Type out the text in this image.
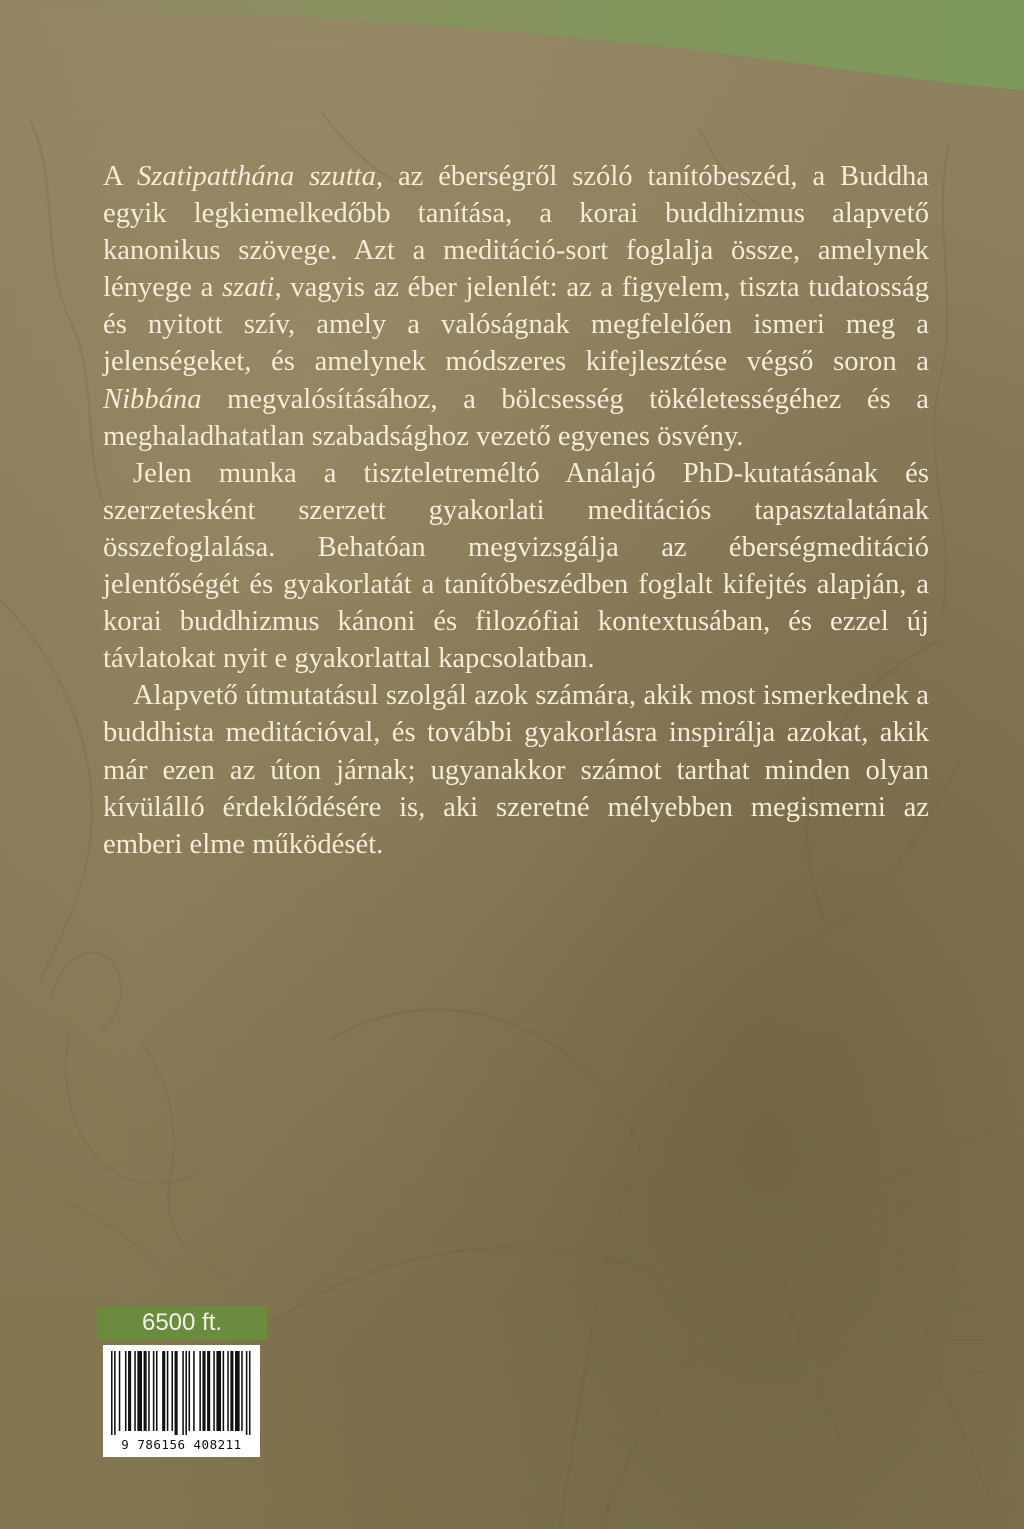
A Szatipatthána szutta, az éberségről szóló tanítóbeszéd, a Buddha egyik legkiemelkedőbb tanítása, a korai buddhizmus alapvető kanonikus szövege. Azt a meditáció-sort foglalja össze, amelynek lényege a szati, vagyis az éber jelenlét: az a figyelem, tiszta tudatosság és nyitott szív, amely a valóságnak megfelelően ismeri meg a jelenségeket, és amelynek módszeres kifejlesztése végső soron a Nibbána megvalósításához, a bölcsesség tökéletességéhez és a meghaladhatatlan szabadsághoz vezető egyenes ösvény.

Jelen munka a tiszteletreméltó Análajó PhD-kutatásának és szerzetesként szerzett gyakorlati meditációs tapasztalatának összefoglalása. Behatóan megvizsgálja az éberségmeditáció jelentőségét és gyakorlatát a tanítóbeszédben foglalt kifejtés alapján, a korai buddhizmus kánoni és filozófiai kontextusában, és ezzel új távlatokat nyit e gyakorlattal kapcsolatban.

Alapvető útmutatásul szolgál azok számára, akik most ismerkednek a buddhista meditációval, és további gyakorlásra inspirálja azokat, akik már ezen az úton járnak; ugyanakkor számot tarthat minden olyan kívülálló érdeklődésére is, aki szeretné mélyebben megismerni az emberi elme működését.

6500 ft.
9 786156 408211
